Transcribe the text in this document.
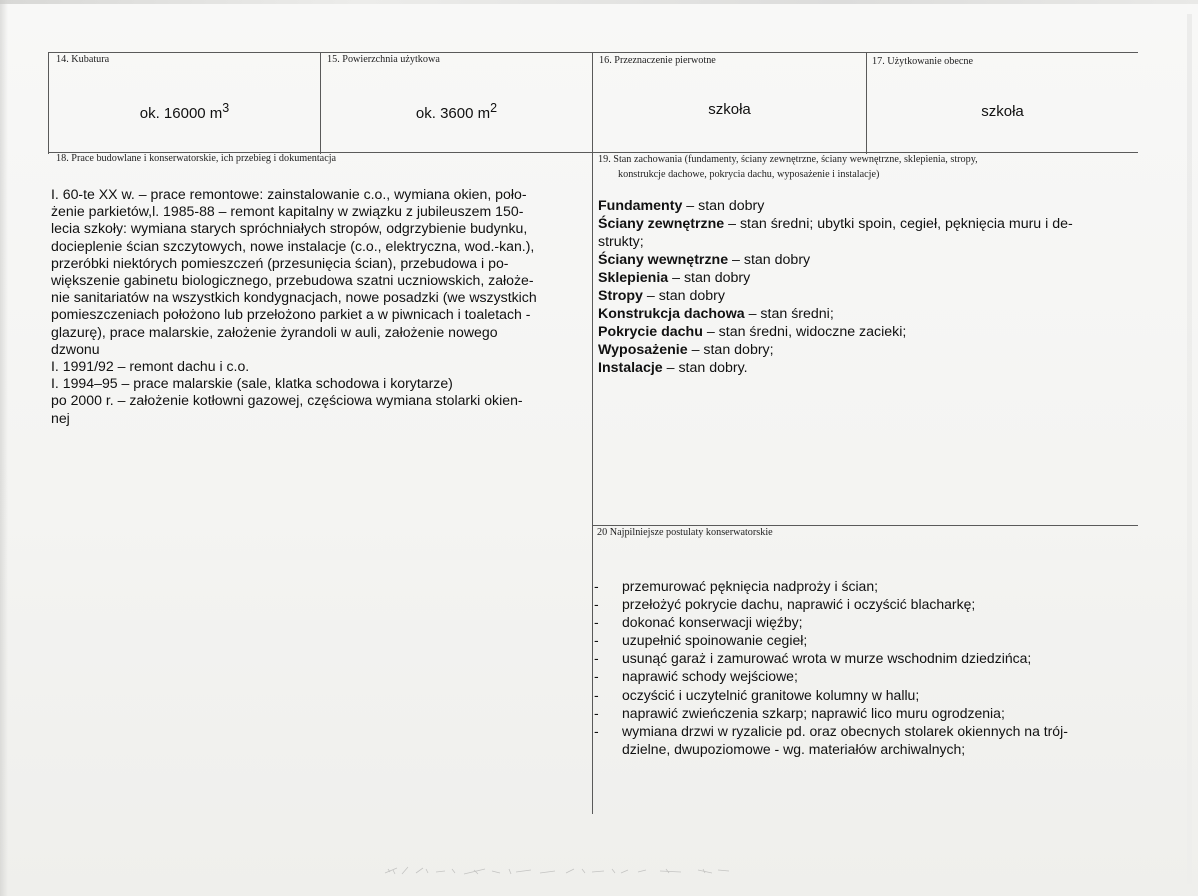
14. Kubatura	15. Powierzchnia użytkowa	16. Przeznaczenie pierwotne	17. Użytkowanie obecne
ok. 16000 $m^3$	ok. 3600 $m^2$	szkoła	szkoła
18. Prace budowlane i konserwatorskie, ich przebieg i dokumentacja	19. Stan zachowania (fundamenty, ściany zewnętrzne, ściany wewnętrzne, sklepienia, stropy,
konstrukcje dachowe, pokrycia dachu, wyposażenie i instalacje)
I. 60-te XX w. – prace remontowe: zainstalowanie c.o., wymiana okien, poło-
żenie parkietów,l. 1985-88 – remont kapitalny w związku z jubileuszem 150-
lecia szkoły: wymiana starych spróchniałych stropów, odgrzybienie budynku,
docieplenie ścian szczytowych, nowe instalacje (c.o., elektryczna, wod.-kan.),
przeróbki niektórych pomieszczeń (przesunięcia ścian), przebudowa i po-
większenie gabinetu biologicznego, przebudowa szatni uczniowskich, założe-
nie sanitariatów na wszystkich kondygnacjach, nowe posadzki (we wszystkich
pomieszczeniach położono lub przełożono parkiet a w piwnicach i toaletach -
glazurę), prace malarskie, założenie żyrandoli w auli, założenie nowego
dzwonu
I. 1991/92 – remont dachu i c.o.
I. 1994–95 – prace malarskie (sale, klatka schodowa i korytarze)
po 2000 r. – założenie kotłowni gazowej, częściowa wymiana stolarki okien-
nej
Fundamenty – stan dobry
Ściany zewnętrzne – stan średni; ubytki spoin, cegieł, pęknięcia muru i de-
strukty;
Ściany wewnętrzne – stan dobry
Sklepienia – stan dobry
Stropy – stan dobry
Konstrukcja dachowa – stan średni;
Pokrycie dachu – stan średni, widoczne zacieki;
Wyposażenie – stan dobry;
Instalacje – stan dobry.
20 Najpilniejsze postulaty konserwatorskie
- przemurować pęknięcia nadproży i ścian;
- przełożyć pokrycie dachu, naprawić i oczyścić blacharkę;
- dokonać konserwacji więźby;
- uzupełnić spoinowanie cegieł;
- usunąć garaż i zamurować wrota w murze wschodnim dziedzińca;
- naprawić schody wejściowe;
- oczyścić i uczytelnić granitowe kolumny w hallu;
- naprawić zwieńczenia szkarp; naprawić lico muru ogrodzenia;
- wymiana drzwi w ryzalicie pd. oraz obecnych stolarek okiennych na trój-
dzielne, dwupoziomowe - wg. materiałów archiwalnych;
